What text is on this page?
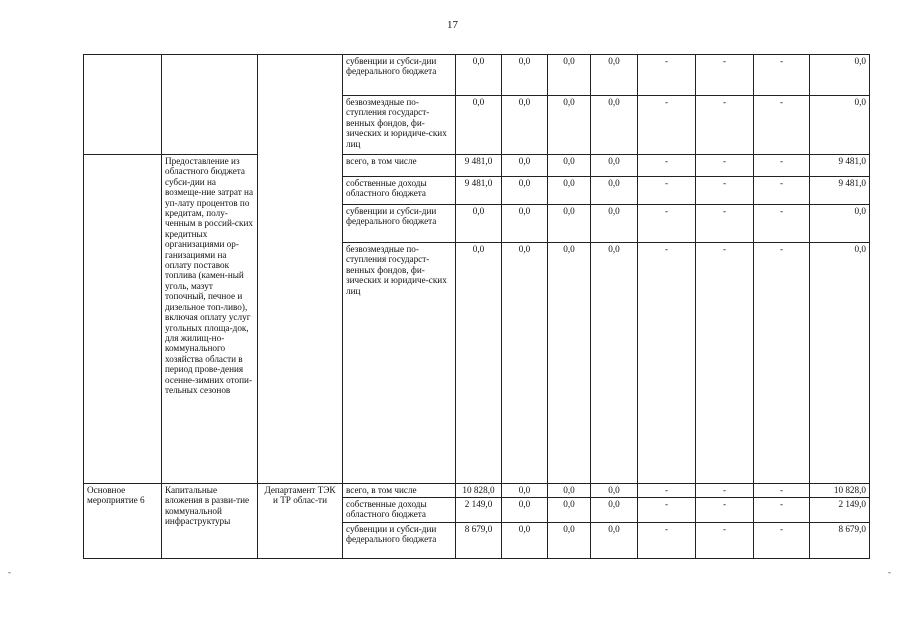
17
			субвенции и субси-дии федерального бюджета	0,0	0,0	0,0	0,0	-	-	-	0,0
			безвозмездные по-ступления государст-венных фондов, фи-зических и юридиче-ских лиц	0,0	0,0	0,0	0,0	-	-	-	0,0
	Предоставление из областного бюджета субси-дии на возмеще-ние затрат на уп-лату процентов по кредитам, полу-ченным в россий-ских кредитных организациями ор-ганизациями на оплату поставок топлива (камен-ный уголь, мазут топочный, печное и дизельное топ-ливо), включая оплату услуг угольных площа-док, для жилищ-но-коммунального хозяйства области в период прове-дения осенне-зимних отопи-тельных сезонов		всего, в том числе	9 481,0	0,0	0,0	0,0	-	-	-	9 481,0
			собственные доходы областного бюджета	9 481,0	0,0	0,0	0,0	-	-	-	9 481,0
			субвенции и субси-дии федерального бюджета	0,0	0,0	0,0	0,0	-	-	-	0,0
			безвозмездные по-ступления государст-венных фондов, фи-зических и юридиче-ских лиц	0,0	0,0	0,0	0,0	-	-	-	0,0
Основное мероприятие 6	Капитальные вложения в разви-тие коммунальной инфраструктуры	Департамент ТЭК и ТР облас-ти	всего, в том числе	10 828,0	0,0	0,0	0,0	-	-	-	10 828,0
			собственные доходы областного бюджета	2 149,0	0,0	0,0	0,0	-	-	-	2 149,0
			субвенции и субси-дии федерального бюджета	8 679,0	0,0	0,0	0,0	-	-	-	8 679,0
-	-
